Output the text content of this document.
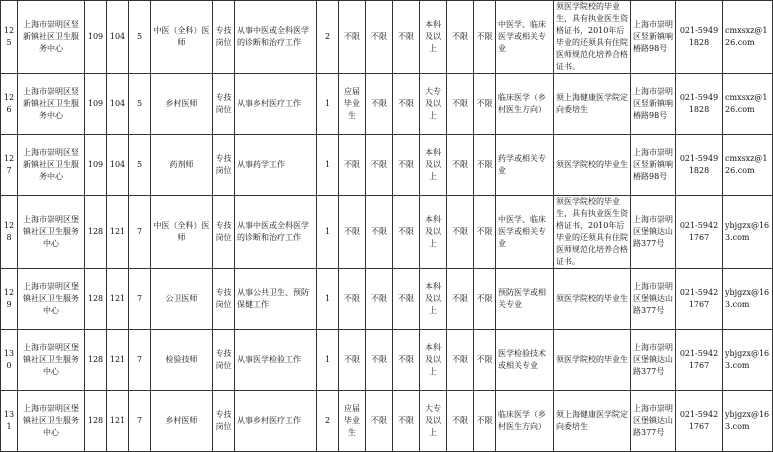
125	上海市崇明区竖新镇社区卫生服务中心	109	104	5	中医（全科）医师	专技岗位	从事中医或全科医学的诊断和治疗工作	2	不限	不限	不限	本科及以上	不限	不限	中医学、临床医学或相关专业	须医学院校的毕业生，具有执业医生资格证书，2010年后毕业的还须具有住院医师规范化培养合格证书。	上海市崇明区竖新镇响椿路98号	021-59491828	cmxsxz@126.com
126	上海市崇明区竖新镇社区卫生服务中心	109	104	5	乡村医师	专技岗位	从事乡村医疗工作	1	应届毕业生	不限	不限	大专及以上	不限	不限	临床医学（乡村医生方向）	须上海健康医学院定向委培生	上海市崇明区竖新镇响椿路98号	021-59491828	cmxsxz@126.com
127	上海市崇明区竖新镇社区卫生服务中心	109	104	5	药剂师	专技岗位	从事药学工作	1	不限	不限	不限	本科及以上	不限	不限	药学或相关专业	须医学院校的毕业生	上海市崇明区竖新镇响椿路98号	021-59491828	cmxsxz@126.com
128	上海市崇明区堡镇社区卫生服务中心	128	121	7	中医（全科）医师	专技岗位	从事中医或全科医学的诊断和治疗工作	1	不限	不限	不限	本科及以上	不限	不限	中医学、临床医学或相关专业	须医学院校的毕业生，具有执业医生资格证书，2010年后毕业的还须具有住院医师规范化培养合格证书。	上海市崇明区堡镇达山路377号	021-59421767	ybjgzx@163.com
129	上海市崇明区堡镇社区卫生服务中心	128	121	7	公卫医师	专技岗位	从事公共卫生、预防保健工作	1	不限	不限	不限	本科及以上	不限	不限	预防医学或相关专业	须医学院校的毕业生	上海市崇明区堡镇达山路377号	021-59421767	ybjgzx@163.com
130	上海市崇明区堡镇社区卫生服务中心	128	121	7	检验技师	专技岗位	从事医学检验工作	1	不限	不限	不限	本科及以上	不限	不限	医学检验技术或相关专业	须医学院校的毕业生	上海市崇明区堡镇达山路377号	021-59421767	ybjgzx@163.com
131	上海市崇明区堡镇社区卫生服务中心	128	121	7	乡村医师	专技岗位	从事乡村医疗工作	2	应届毕业生	不限	不限	大专及以上	不限	不限	临床医学（乡村医生方向）	须上海健康医学院定向委培生	上海市崇明区堡镇达山路377号	021-59421767	ybjgzx@163.com
